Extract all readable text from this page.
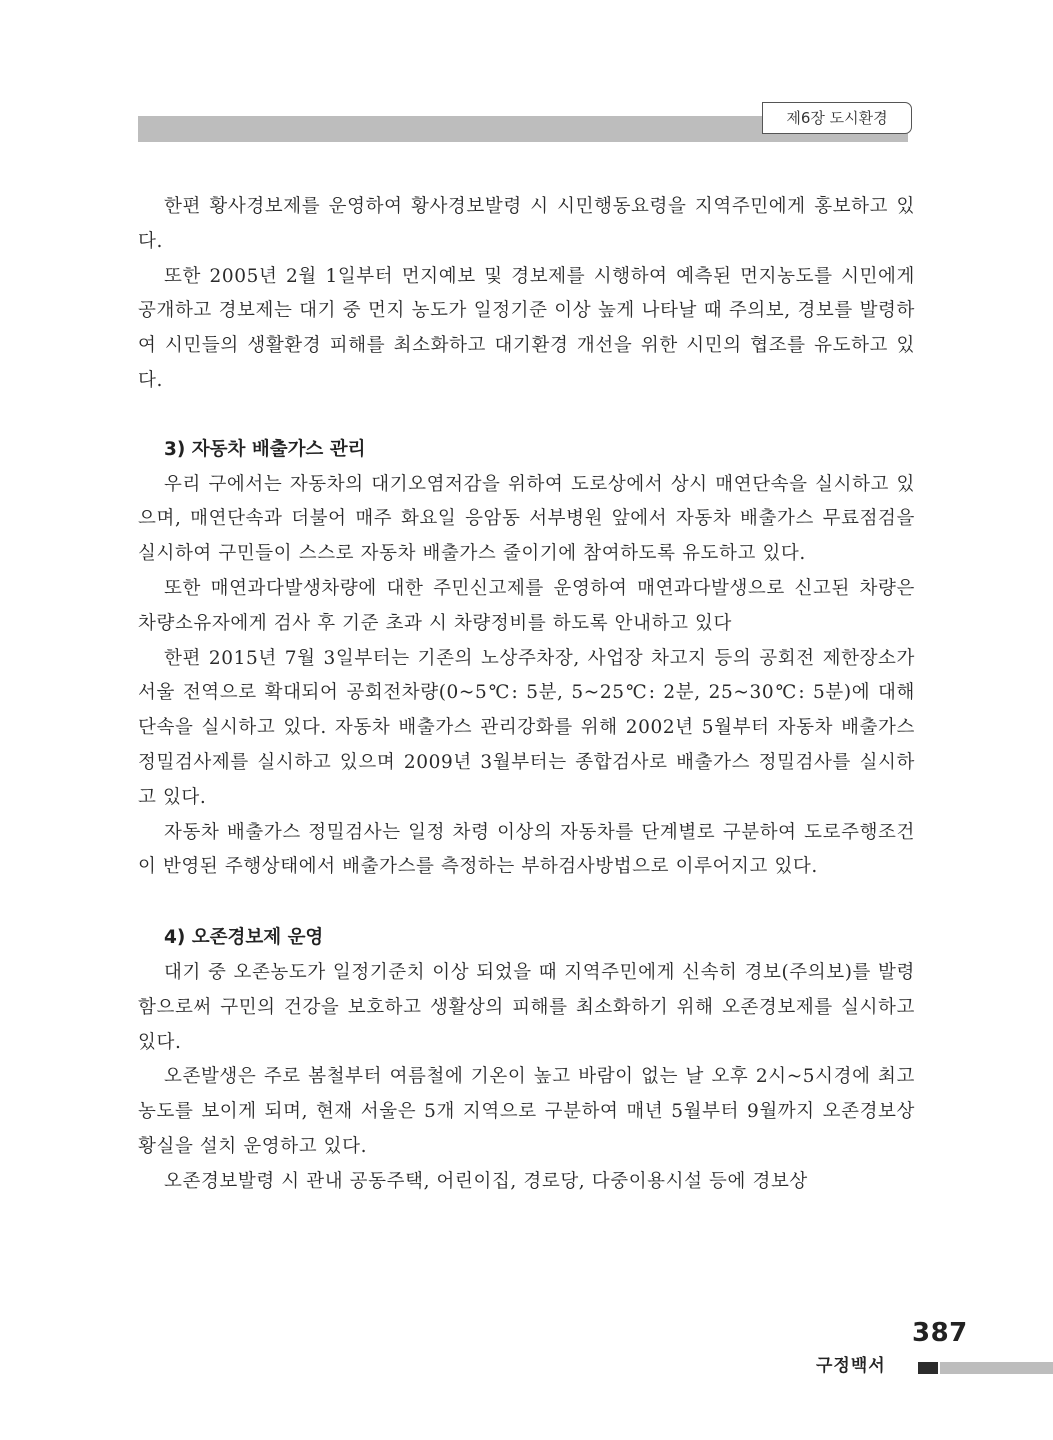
제6장 도시환경

한편 황사경보제를 운영하여 황사경보발령 시 시민행동요령을 지역주민에게 홍보하고 있다.

또한 2005년 2월 1일부터 먼지예보 및 경보제를 시행하여 예측된 먼지농도를 시민에게 공개하고 경보제는 대기 중 먼지 농도가 일정기준 이상 높게 나타날 때 주의보, 경보를 발령하여 시민들의 생활환경 피해를 최소화하고 대기환경 개선을 위한 시민의 협조를 유도하고 있다.

3) 자동차 배출가스 관리

우리 구에서는 자동차의 대기오염저감을 위하여 도로상에서 상시 매연단속을 실시하고 있으며, 매연단속과 더불어 매주 화요일 응암동 서부병원 앞에서 자동차 배출가스 무료점검을 실시하여 구민들이 스스로 자동차 배출가스 줄이기에 참여하도록 유도하고 있다.

또한 매연과다발생차량에 대한 주민신고제를 운영하여 매연과다발생으로 신고된 차량은 차량소유자에게 검사 후 기준 초과 시 차량정비를 하도록 안내하고 있다

한편 2015년 7월 3일부터는 기존의 노상주차장, 사업장 차고지 등의 공회전 제한장소가 서울 전역으로 확대되어 공회전차량(0~5℃: 5분, 5~25℃: 2분, 25~30℃: 5분)에 대해 단속을 실시하고 있다. 자동차 배출가스 관리강화를 위해 2002년 5월부터 자동차 배출가스 정밀검사제를 실시하고 있으며 2009년 3월부터는 종합검사로 배출가스 정밀검사를 실시하고 있다.

자동차 배출가스 정밀검사는 일정 차령 이상의 자동차를 단계별로 구분하여 도로주행조건이 반영된 주행상태에서 배출가스를 측정하는 부하검사방법으로 이루어지고 있다.

4) 오존경보제 운영

대기 중 오존농도가 일정기준치 이상 되었을 때 지역주민에게 신속히 경보(주의보)를 발령함으로써 구민의 건강을 보호하고 생활상의 피해를 최소화하기 위해 오존경보제를 실시하고 있다.

오존발생은 주로 봄철부터 여름철에 기온이 높고 바람이 없는 날 오후 2시~5시경에 최고농도를 보이게 되며, 현재 서울은 5개 지역으로 구분하여 매년 5월부터 9월까지 오존경보상황실을 설치 운영하고 있다.

오존경보발령 시 관내 공동주택, 어린이집, 경로당, 다중이용시설 등에 경보상

387
구정백서
